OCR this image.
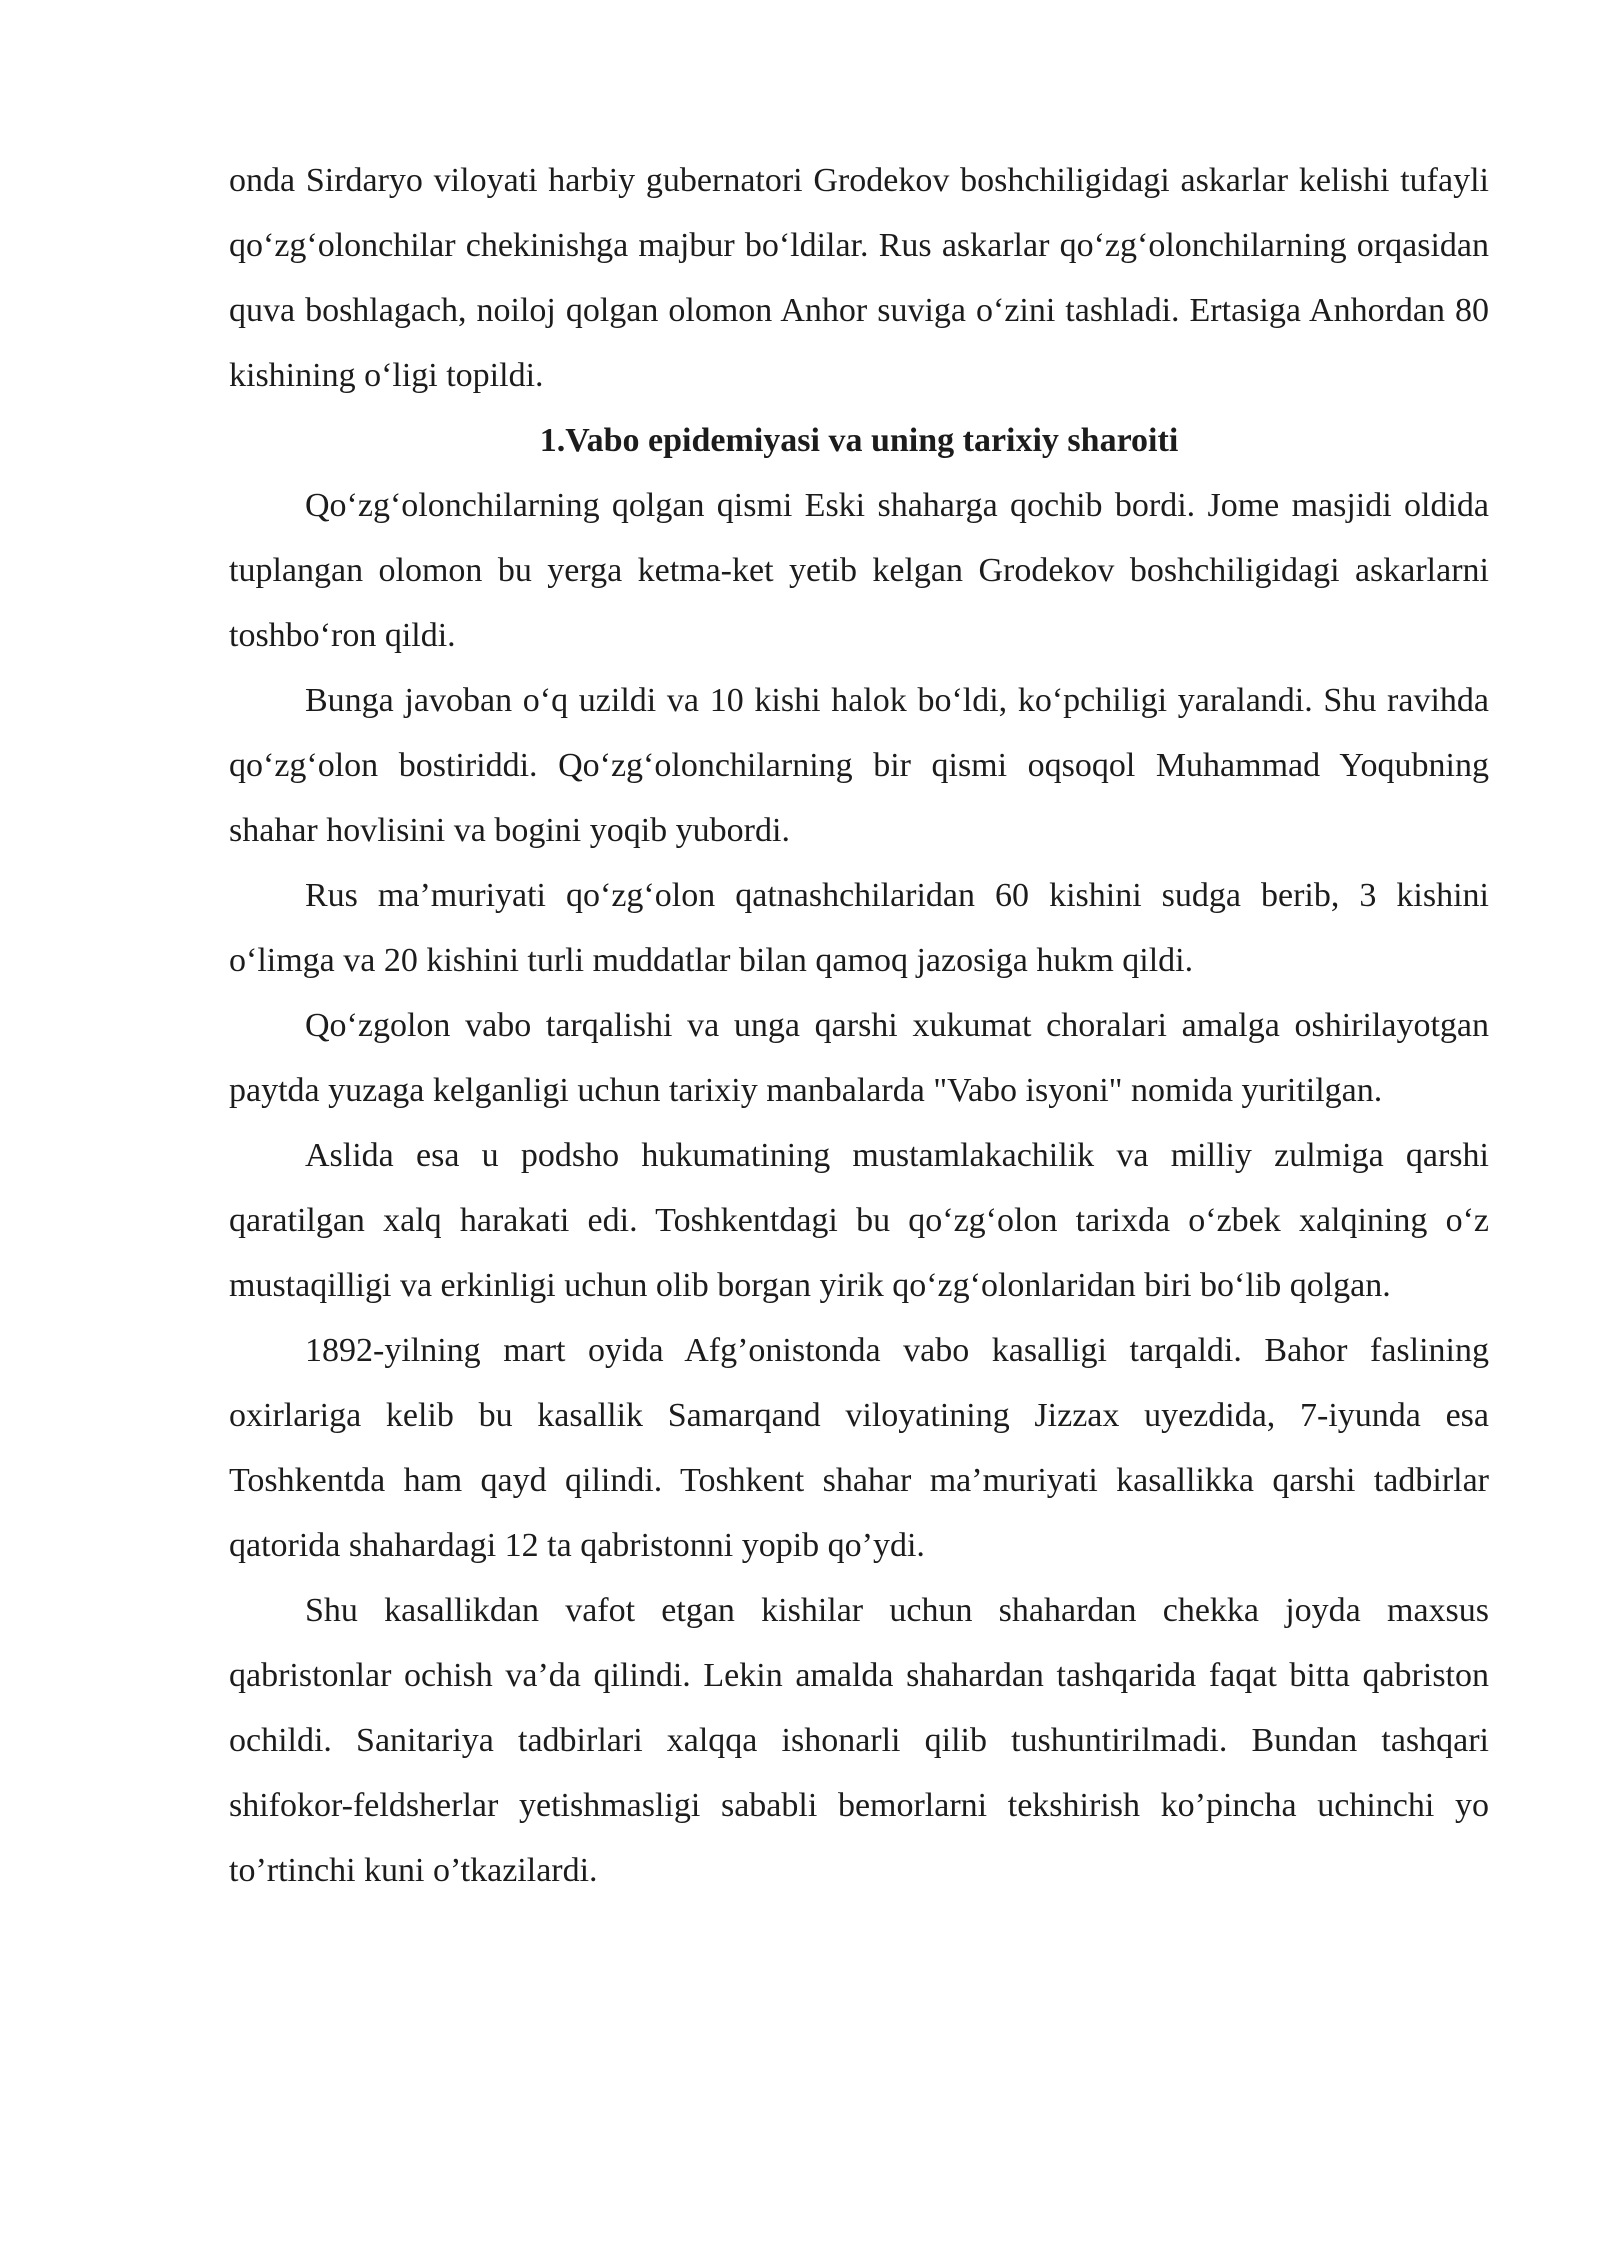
onda Sirdaryo viloyati harbiy gubernatori Grodekov boshchiligidagi askarlar kelishi tufayli qo‘zg‘olonchilar chekinishga majbur bo‘ldilar. Rus askarlar qo‘zg‘olonchilarning orqasidan quva boshlagach, noiloj qolgan olomon Anhor suviga o‘zini tashladi. Ertasiga Anhordan 80 kishining o‘ligi topildi.

1.Vabo epidemiyasi va uning tarixiy sharoiti

Qo‘zg‘olonchilarning qolgan qismi Eski shaharga qochib bordi. Jome masjidi oldida tuplangan olomon bu yerga ketma-ket yetib kelgan Grodekov boshchiligidagi askarlarni toshbo‘ron qildi.

Bunga javoban o‘q uzildi va 10 kishi halok bo‘ldi, ko‘pchiligi yaralandi. Shu ravihda qo‘zg‘olon bostiriddi. Qo‘zg‘olonchilarning bir qismi oqsoqol Muhammad Yoqubning shahar hovlisini va bogini yoqib yubordi.

Rus ma’muriyati qo‘zg‘olon qatnashchilaridan 60 kishini sudga berib, 3 kishini o‘limga va 20 kishini turli muddatlar bilan qamoq jazosiga hukm qildi.

Qo‘zgolon vabo tarqalishi va unga qarshi xukumat choralari amalga oshirilayotgan paytda yuzaga kelganligi uchun tarixiy manbalarda "Vabo isyoni" nomida yuritilgan.

Aslida esa u podsho hukumatining mustamlakachilik va milliy zulmiga qarshi qaratilgan xalq harakati edi. Toshkentdagi bu qo‘zg‘olon tarixda o‘zbek xalqining o‘z mustaqilligi va erkinligi uchun olib borgan yirik qo‘zg‘olonlaridan biri bo‘lib qolgan.

1892-yilning mart oyida Afg’onistonda vabo kasalligi tarqaldi. Bahor faslining oxirlariga kelib bu kasallik Samarqand viloyatining Jizzax uyezdida, 7-iyunda esa Toshkentda ham qayd qilindi. Toshkent shahar ma’muriyati kasallikka qarshi tadbirlar qatorida shahardagi 12 ta qabristonni yopib qo’ydi.

Shu kasallikdan vafot etgan kishilar uchun shahardan chekka joyda maxsus qabristonlar ochish va’da qilindi. Lekin amalda shahardan tashqarida faqat bitta qabriston ochildi. Sanitariya tadbirlari xalqqa ishonarli qilib tushuntirilmadi. Bundan tashqari shifokor-feldsherlar yetishmasligi sababli bemorlarni tekshirish ko’pincha uchinchi yo to’rtinchi kuni o’tkazilardi.
